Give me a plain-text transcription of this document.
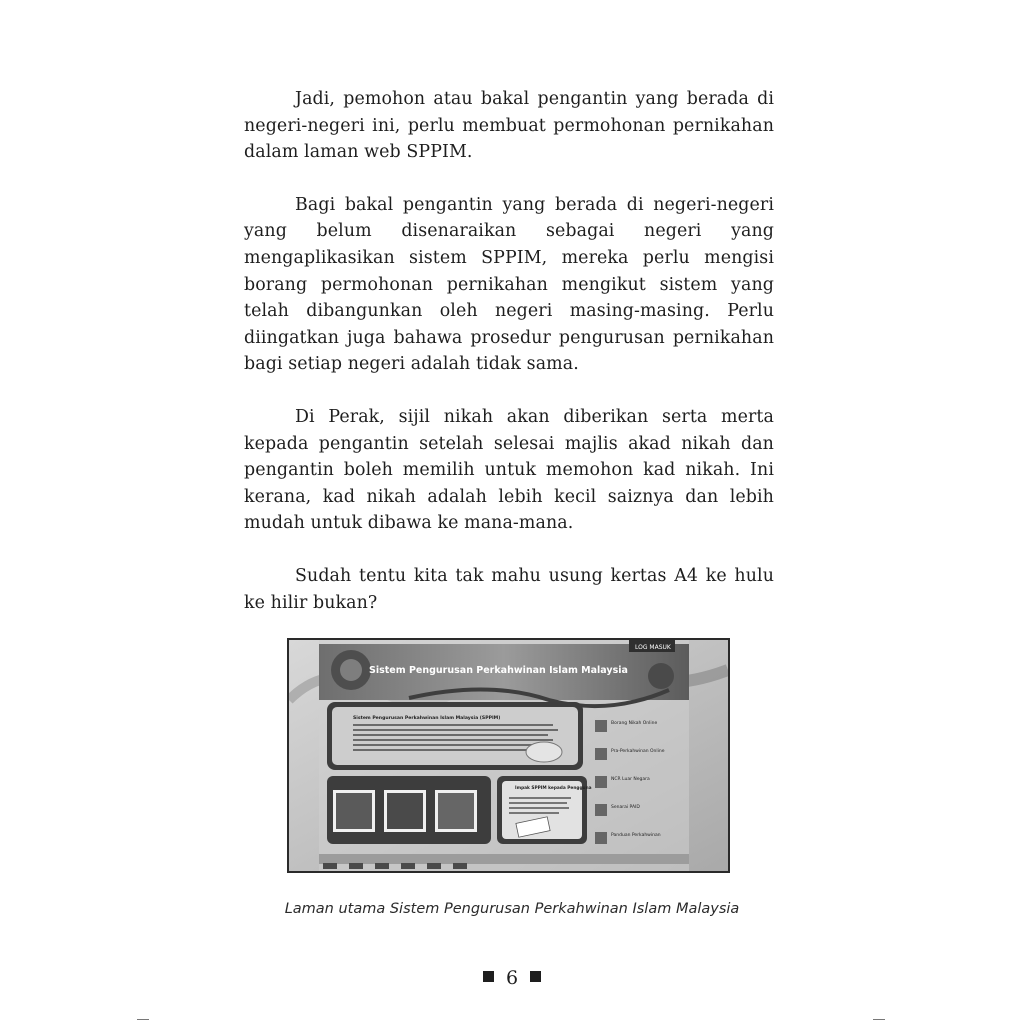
Jadi, pemohon atau bakal pengantin yang berada di negeri-negeri ini, perlu membuat permohonan pernikahan dalam laman web SPPIM.

Bagi bakal pengantin yang berada di negeri-negeri yang belum disenaraikan sebagai negeri yang mengaplikasikan sistem SPPIM, mereka perlu mengisi borang permohonan pernikahan mengikut sistem yang telah dibangunkan oleh negeri masing-masing. Perlu diingatkan juga bahawa prosedur pengurusan pernikahan bagi setiap negeri adalah tidak sama.

Di Perak, sijil nikah akan diberikan serta merta kepada pengantin setelah selesai majlis akad nikah dan pengantin boleh memilih untuk memohon kad nikah. Ini kerana, kad nikah adalah lebih kecil saiznya dan lebih mudah untuk dibawa ke mana-mana.

Sudah tentu kita tak mahu usung kertas A4 ke hulu ke hilir bukan?

Sistem Pengurusan Perkahwinan Islam Malaysia
LOG MASUK
Sistem Pengurusan Perkahwinan Islam Malaysia (SPPIM)
Borang Nikah Online
Pra-Perkahwinan Online
NCR Luar Negara
Senarai PAID
Panduan Perkahwinan
Impak SPPIM kepada Pengguna
Laman utama Sistem Pengurusan Perkahwinan Islam Malaysia
6
